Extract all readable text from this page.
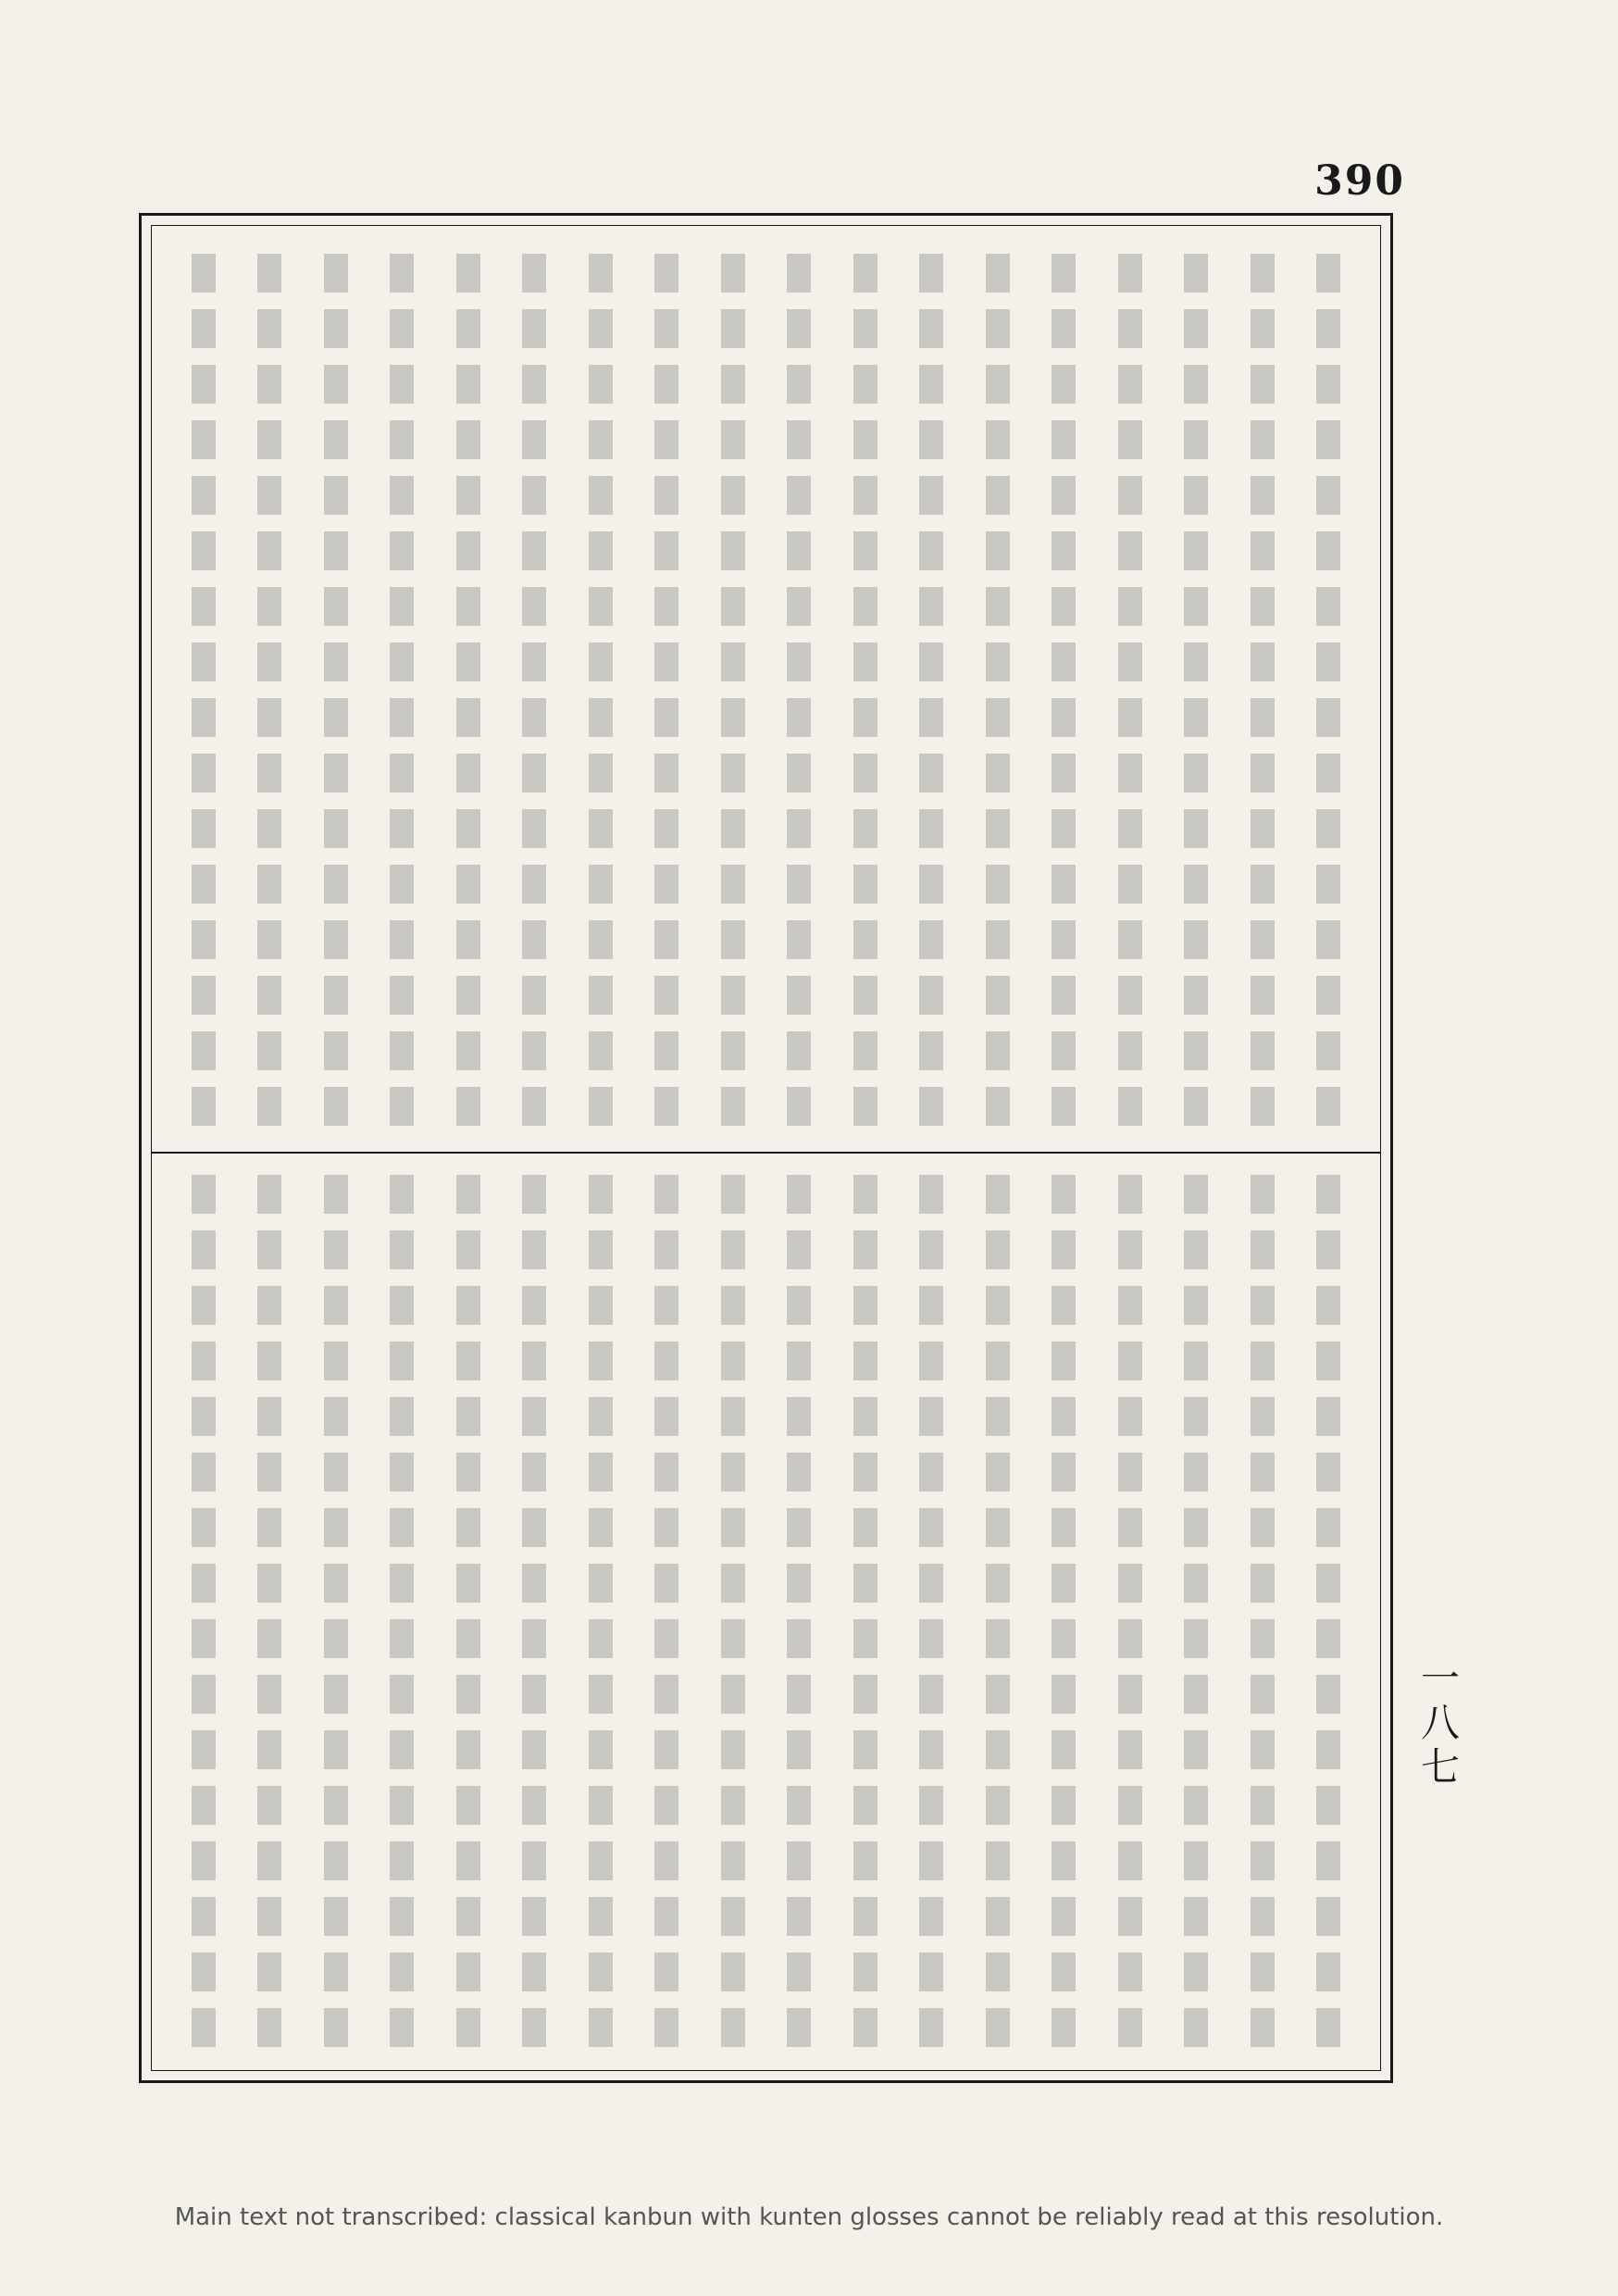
390
一八七
Main text not transcribed: classical kanbun with kunten glosses cannot be reliably read at this resolution.
